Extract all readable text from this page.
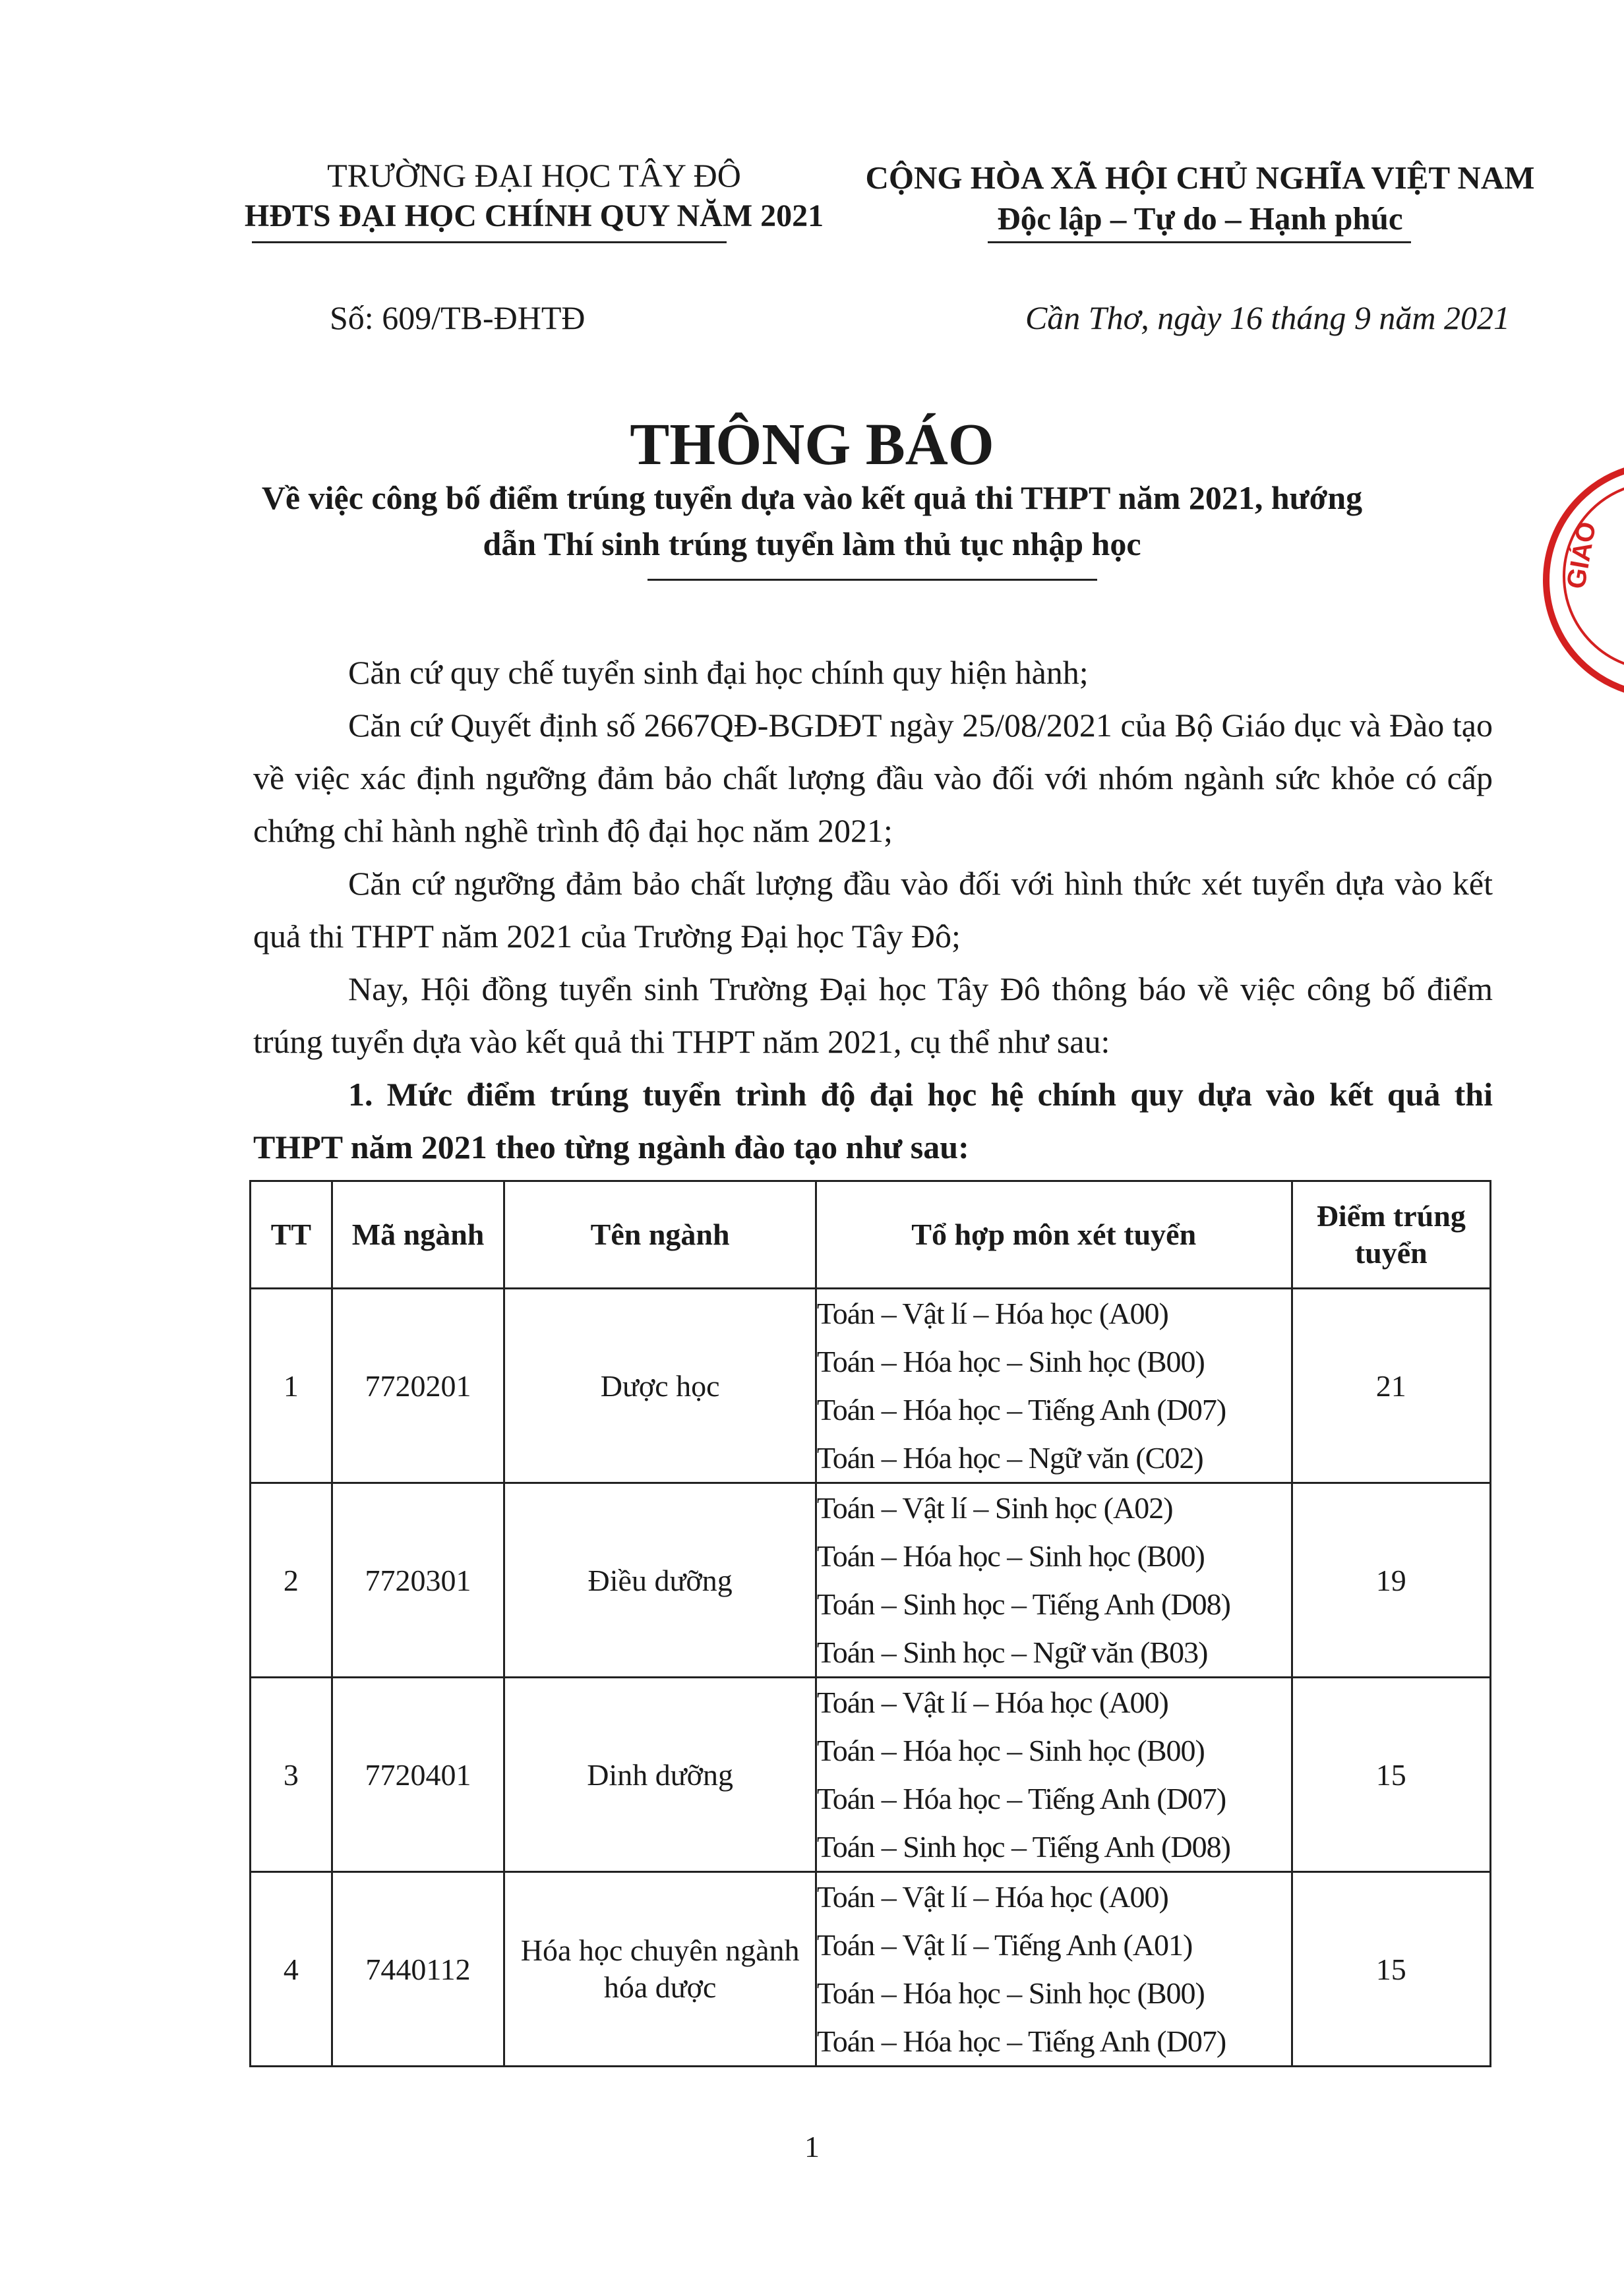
TRƯỜNG ĐẠI HỌC TÂY ĐÔ
HĐTS ĐẠI HỌC CHÍNH QUY NĂM 2021
CỘNG HÒA XÃ HỘI CHỦ NGHĨA VIỆT NAM
Độc lập – Tự do – Hạnh phúc
Số: 609/TB-ĐHTĐ	Cần Thơ, ngày 16 tháng 9 năm 2021
THÔNG BÁO
Về việc công bố điểm trúng tuyển dựa vào kết quả thi THPT năm 2021, hướng
dẫn Thí sinh trúng tuyển làm thủ tục nhập học
Căn cứ quy chế tuyển sinh đại học chính quy hiện hành;
Căn cứ Quyết định số 2667QĐ-BGDĐT ngày 25/08/2021 của Bộ Giáo dục và Đào tạo về việc xác định ngưỡng đảm bảo chất lượng đầu vào đối với nhóm ngành sức khỏe có cấp chứng chỉ hành nghề trình độ đại học năm 2021;
Căn cứ ngưỡng đảm bảo chất lượng đầu vào đối với hình thức xét tuyển dựa vào kết quả thi THPT năm 2021 của Trường Đại học Tây Đô;
Nay, Hội đồng tuyển sinh Trường Đại học Tây Đô thông báo về việc công bố điểm trúng tuyển dựa vào kết quả thi THPT năm 2021, cụ thể như sau:
1. Mức điểm trúng tuyển trình độ đại học hệ chính quy dựa vào kết quả thi THPT năm 2021 theo từng ngành đào tạo như sau:
TT	Mã ngành	Tên ngành	Tổ hợp môn xét tuyển	Điểm trúng tuyển
1	7720201	Dược học	Toán – Vật lí – Hóa học (A00)
Toán – Hóa học – Sinh học (B00)
Toán – Hóa học – Tiếng Anh (D07)
Toán – Hóa học – Ngữ văn (C02)	21
2	7720301	Điều dưỡng	Toán – Vật lí – Sinh học (A02)
Toán – Hóa học – Sinh học (B00)
Toán – Sinh học – Tiếng Anh (D08)
Toán – Sinh học – Ngữ văn (B03)	19
3	7720401	Dinh dưỡng	Toán – Vật lí – Hóa học (A00)
Toán – Hóa học – Sinh học (B00)
Toán – Hóa học – Tiếng Anh (D07)
Toán – Sinh học – Tiếng Anh (D08)	15
4	7440112	Hóa học chuyên ngành hóa dược	Toán – Vật lí – Hóa học (A00)
Toán – Vật lí – Tiếng Anh (A01)
Toán – Hóa học – Sinh học (B00)
Toán – Hóa học – Tiếng Anh (D07)	15
GIÁO
1
